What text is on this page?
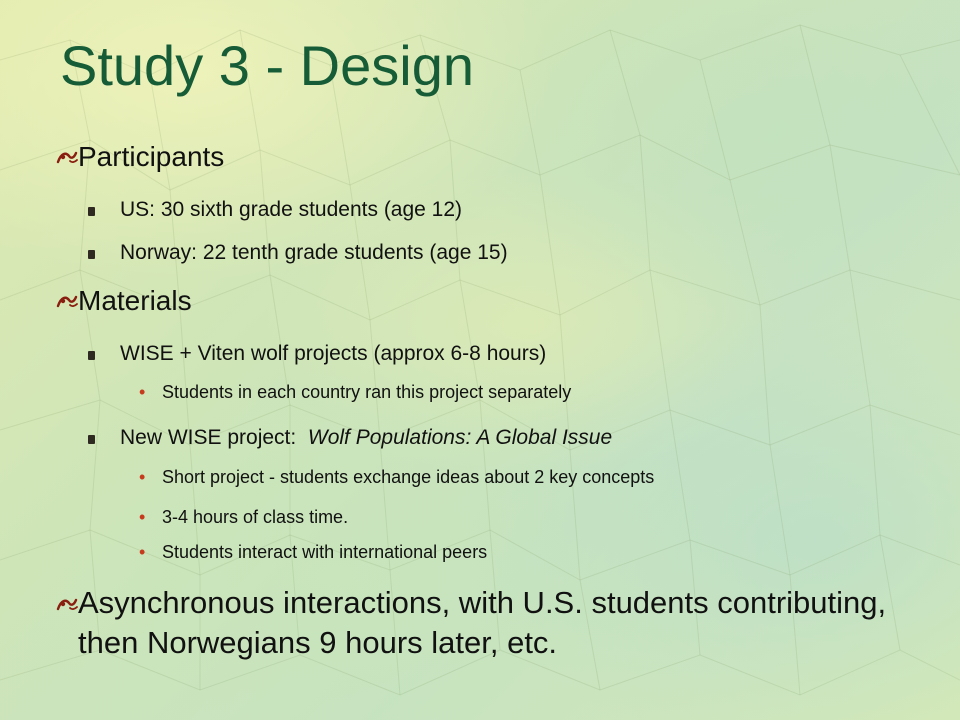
Study 3 - Design
Participants
US: 30 sixth grade students (age 12)
Norway: 22 tenth grade students (age 15)
Materials
WISE + Viten wolf projects (approx 6-8 hours)
• Students in each country ran this project separately
New WISE project:  Wolf Populations: A Global Issue
• Short project - students exchange ideas about 2 key concepts
• 3-4 hours of class time.
• Students interact with international peers
Asynchronous interactions, with U.S. students contributing, then Norwegians 9 hours later, etc.
